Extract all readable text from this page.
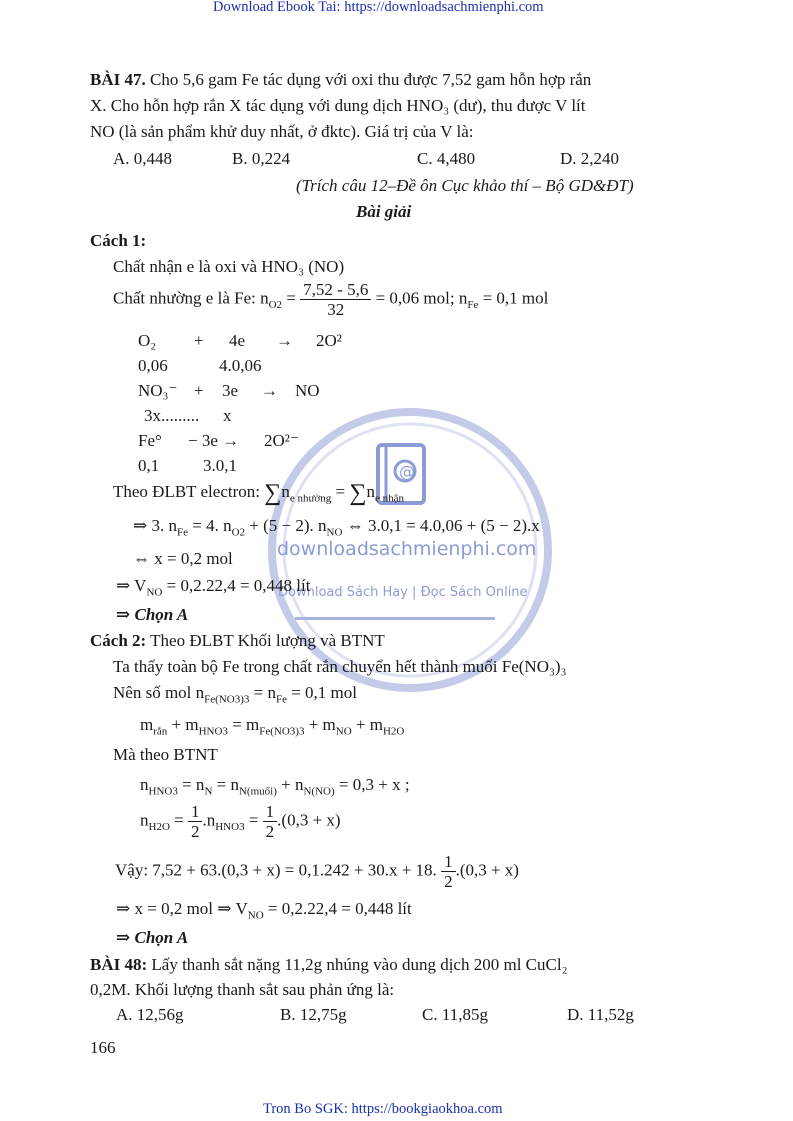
Download Ebook Tai: https://downloadsachmienphi.com
Tron Bo SGK: https://bookgiaokhoa.com
@
downloadsachmienphi.com
Download Sách Hay | Đọc Sách Online
BÀI 47. Cho 5,6 gam Fe tác dụng với oxi thu được 7,52 gam hỗn hợp rắn
X. Cho hỗn hợp rắn X tác dụng với dung dịch HNO₃ (dư), thu được V lít
NO (là sản phẩm khử duy nhất, ở đktc). Giá trị của V là:
A. 0,448	B. 0,224	C. 4,480	D. 2,240
(Trích câu 12–Đề ôn Cục khảo thí – Bộ GD&ĐT)
Bài giải
Cách 1:
Chất nhận e là oxi và HNO₃ (NO)
Chất nhường e là Fe: $n_{O2} = \frac{7,52 - 5,6}{32} = 0,06$ mol; $n_{Fe} = 0,1$ mol
O₂ + 4e → 2O²
0,06	4.0,06
NO₃⁻ + 3e → NO
3x......... x
Fe° − 3e → 2O²⁻
0,1	3.0,1
Theo ĐLBT electron: $\sum n_{e nhường} = \sum n_{e nhận}$
⇒ 3. $n_{Fe} = 4$. $n_{O2} + (5 - 2)$. $n_{NO}$ ⇔ 3.0,1 = 4.0,06 + (5 − 2).x
⇔ x = 0,2 mol
⇒ $V_{NO} = 0,2.22,4 = 0,448$ lít
⇒ Chọn A
Cách 2: Theo ĐLBT Khối lượng và BTNT
Ta thấy toàn bộ Fe trong chất rắn chuyển hết thành muối Fe(NO₃)₃
Nên số mol $n_{Fe(NO3)3} = n_{Fe} = 0,1$ mol
$m_{rắn} + m_{HNO3} = m_{Fe(NO3)3} + m_{NO} + m_{H2O}$
Mà theo BTNT
$n_{HNO3} = n_N = n_{N(muối)} + n_{N(NO)} = 0,3 + x$ ;
$n_{H2O} = \frac{1}{2} .n_{HNO3} = \frac{1}{2} .(0,3 + x)$
Vậy: 7,52 + 63.(0,3 + x) = 0,1.242 + 30.x + 18. $\frac{1}{2} .(0,3 + x)$
⇒ x = 0,2 mol ⇒ $V_{NO} = 0,2.22,4 = 0,448$ lít
⇒ Chọn A
BÀI 48: Lấy thanh sắt nặng 11,2g nhúng vào dung dịch 200 ml CuCl₂
0,2M. Khối lượng thanh sắt sau phản ứng là:
A. 12,56g	B. 12,75g	C. 11,85g	D. 11,52g
166
